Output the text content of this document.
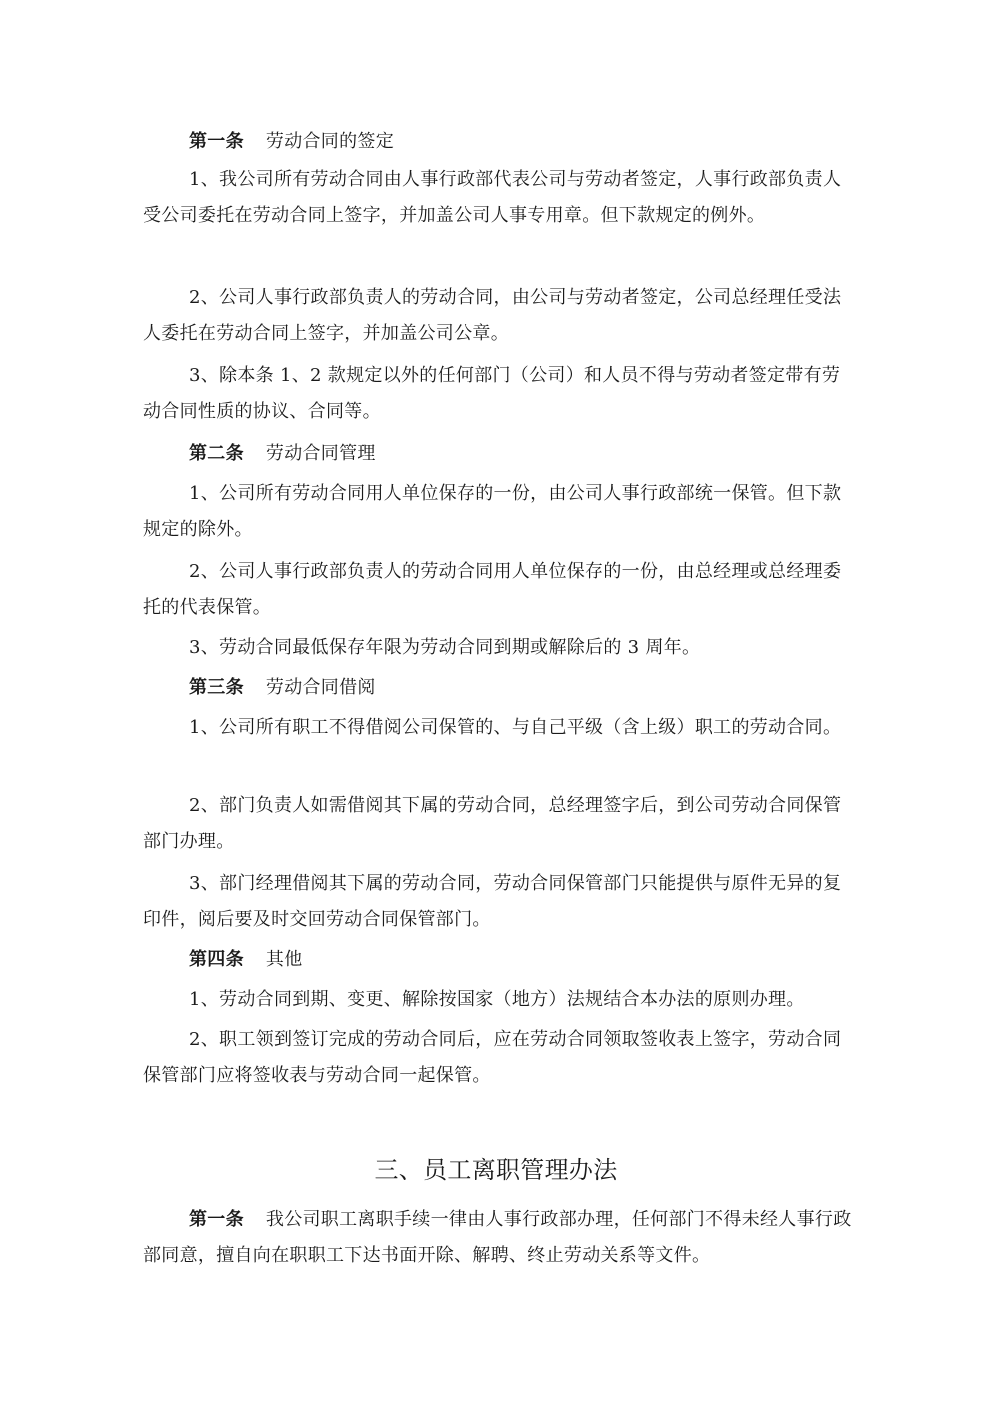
第一条 劳动合同的签定

1、我公司所有劳动合同由人事行政部代表公司与劳动者签定，人事行政部负责人受公司委托在劳动合同上签字，并加盖公司人事专用章。但下款规定的例外。

2、公司人事行政部负责人的劳动合同，由公司与劳动者签定，公司总经理任受法人委托在劳动合同上签字，并加盖公司公章。

3、除本条 1、2 款规定以外的任何部门（公司）和人员不得与劳动者签定带有劳动合同性质的协议、合同等。

第二条 劳动合同管理

1、公司所有劳动合同用人单位保存的一份，由公司人事行政部统一保管。但下款规定的除外。

2、公司人事行政部负责人的劳动合同用人单位保存的一份，由总经理或总经理委托的代表保管。

3、劳动合同最低保存年限为劳动合同到期或解除后的 3 周年。

第三条 劳动合同借阅

1、公司所有职工不得借阅公司保管的、与自己平级（含上级）职工的劳动合同。

2、部门负责人如需借阅其下属的劳动合同，总经理签字后，到公司劳动合同保管部门办理。

3、部门经理借阅其下属的劳动合同，劳动合同保管部门只能提供与原件无异的复印件，阅后要及时交回劳动合同保管部门。

第四条 其他

1、劳动合同到期、变更、解除按国家（地方）法规结合本办法的原则办理。

2、职工领到签订完成的劳动合同后，应在劳动合同领取签收表上签字，劳动合同保管部门应将签收表与劳动合同一起保管。

三、员工离职管理办法

第一条 我公司职工离职手续一律由人事行政部办理，任何部门不得未经人事行政部同意，擅自向在职职工下达书面开除、解聘、终止劳动关系等文件。
